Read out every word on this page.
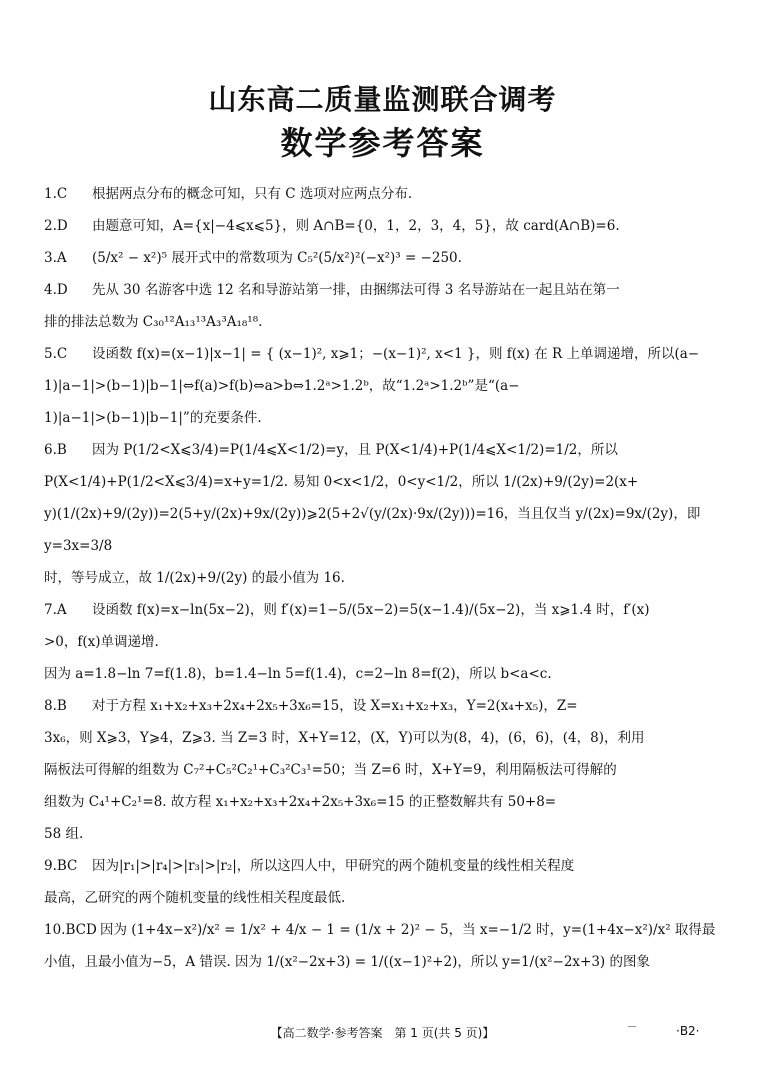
山东高二质量监测联合调考
数学参考答案
1.C	根据两点分布的概念可知，只有 C 选项对应两点分布.
2.D	由题意可知，A={x|−4⩽x⩽5}，则 A∩B={0，1，2，3，4，5}，故 card(A∩B)=6.
3.A	(5/x² − x²)⁵ 展开式中的常数项为 C₅²(5/x²)²(−x²)³ = −250.
4.D	先从 30 名游客中选 12 名和导游站第一排，由捆绑法可得 3 名导游站在一起且站在第一
排的排法总数为 C₃₀¹²A₁₃¹³A₃³A₁₈¹⁸.
5.C	设函数 f(x)=(x−1)|x−1| = { (x−1)², x⩾1；−(x−1)², x<1 }，则 f(x) 在 R 上单调递增，所以(a−
1)|a−1|>(b−1)|b−1|⇔f(a)>f(b)⇔a>b⇔1.2ᵃ>1.2ᵇ，故“1.2ᵃ>1.2ᵇ”是“(a−
1)|a−1|>(b−1)|b−1|”的充要条件.
6.B	因为 P(1/2<X⩽3/4)=P(1/4⩽X<1/2)=y，且 P(X<1/4)+P(1/4⩽X<1/2)=1/2，所以
P(X<1/4)+P(1/2<X⩽3/4)=x+y=1/2. 易知 0<x<1/2，0<y<1/2，所以 1/(2x)+9/(2y)=2(x+
y)(1/(2x)+9/(2y))=2(5+y/(2x)+9x/(2y))⩾2(5+2√(y/(2x)·9x/(2y)))=16，当且仅当 y/(2x)=9x/(2y)，即 y=3x=3/8
时，等号成立，故 1/(2x)+9/(2y) 的最小值为 16.
7.A	设函数 f(x)=x−ln(5x−2)，则 f′(x)=1−5/(5x−2)=5(x−1.4)/(5x−2)，当 x⩾1.4 时，f′(x)
>0，f(x)单调递增.
因为 a=1.8−ln 7=f(1.8)，b=1.4−ln 5=f(1.4)，c=2−ln 8=f(2)，所以 b<a<c.
8.B	对于方程 x₁+x₂+x₃+2x₄+2x₅+3x₆=15，设 X=x₁+x₂+x₃，Y=2(x₄+x₅)，Z=
3x₆，则 X⩾3，Y⩾4，Z⩾3. 当 Z=3 时，X+Y=12，(X，Y)可以为(8，4)，(6，6)，(4，8)，利用
隔板法可得解的组数为 C₇²+C₅²C₂¹+C₃²C₃¹=50；当 Z=6 时，X+Y=9，利用隔板法可得解的
组数为 C₄¹+C₂¹=8. 故方程 x₁+x₂+x₃+2x₄+2x₅+3x₆=15 的正整数解共有 50+8=
58 组.
9.BC	因为|r₁|>|r₄|>|r₃|>|r₂|，所以这四人中，甲研究的两个随机变量的线性相关程度
最高，乙研究的两个随机变量的线性相关程度最低.
10.BCD 因为 (1+4x−x²)/x² = 1/x² + 4/x − 1 = (1/x + 2)² − 5，当 x=−1/2 时，y=(1+4x−x²)/x² 取得最
小值，且最小值为−5，A 错误. 因为 1/(x²−2x+3) = 1/((x−1)²+2)，所以 y=1/(x²−2x+3) 的图象
【高二数学·参考答案　第 1 页(共 5 页)】	·B2·
